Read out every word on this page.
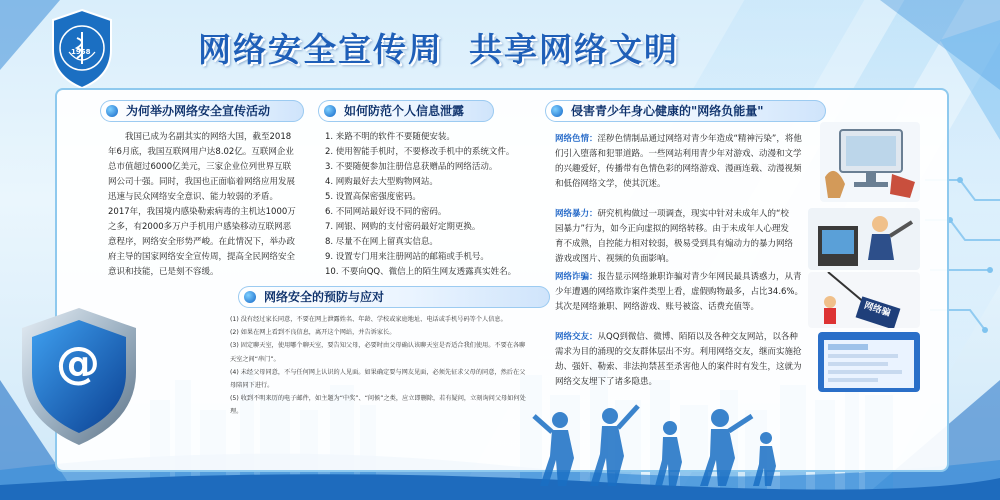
1958	网络安全宣传周 共享网络文明
为何举办网络安全宣传活动

我国已成为名副其实的网络大国，截至2018年6月底，我国互联网用户达8.02亿。互联网企业总市值超过6000亿美元，三家企业位列世界互联网公司十强。同时，我国也正面临着网络应用发展迅速与民众网络安全意识、能力较弱的矛盾。

2017年，我国境内感染勒索病毒的主机达1000万之多，有2000多万户手机用户感染移动互联网恶意程序，网络安全形势严峻。在此情况下，举办政府主导的国家网络安全宣传周，提高全民网络安全意识和技能，已是刻不容缓。

如何防范个人信息泄露
1. 来路不明的软件不要随便安装。
2. 使用智能手机时，不要修改手机中的系统文件。
3. 不要随便参加注册信息获赠品的网络活动。
4. 网购最好去大型购物网站。
5. 设置高保密强度密码。
6. 不同网站最好设不同的密码。
7. 网银、网购的支付密码最好定期更换。
8. 尽量不在网上留真实信息。
9. 设置专门用来注册网站的邮箱或手机号。
10. 不要向QQ、微信上的陌生网友透露真实姓名。
网络安全的预防与应对

(1) 没有经过家长同意，不要在网上泄露姓名、年龄、学校或家庭地址、电话或手机号码等个人信息。

(2) 如果在网上看到不良信息，离开这个网站，并告诉家长。

(3) 固定聊天室，使用哪个聊天室，要告知父母，必要时由父母确认该聊天室是否适合我们使用。不要在各聊天室之间“串门”。

(4) 未经父母同意，不与任何网上认识的人见面。如果确定要与网友见面，必须先征求父母的同意，然后在父母陪同下进行。

(5) 收到不明来历的电子邮件，如主题为“中奖”、“问候”之类，应立即删除，若有疑问，立刻询问父母如何处理。

@
侵害青少年身心健康的"网络负能量"

网络色情：淫秽色情制品通过网络对青少年造成“精神污染”，将他们引入堕落和犯罪道路。一些网站利用青少年对游戏、动漫和文学的兴趣爱好，传播带有色情色彩的网络游戏、漫画连载、动漫视频和低俗网络文学，使其沉迷。

网络暴力：研究机构做过一项调查，现实中针对未成年人的“校园暴力”行为，如今正向虚拟的网络转移。由于未成年人心理发育不成熟，自控能力相对较弱，极易受到具有煽动力的暴力网络游戏或图片、视频的负面影响。

网络诈骗：报告显示网络兼职诈骗对青少年网民最具诱惑力，从青少年遭遇的网络欺诈案件类型上看，虚假购物最多，占比34.6%。其次是网络兼职、网络游戏、账号被盗、话费充值等。

网络交友：从QQ到微信、微博、陌陌以及各种交友网站，以各种需求为目的涌现的交友群体层出不穷。利用网络交友，继而实施抢劫、强奸、勒索、非法拘禁甚至杀害他人的案件时有发生，这就为网络交友埋下了诸多隐患。

网络骗
